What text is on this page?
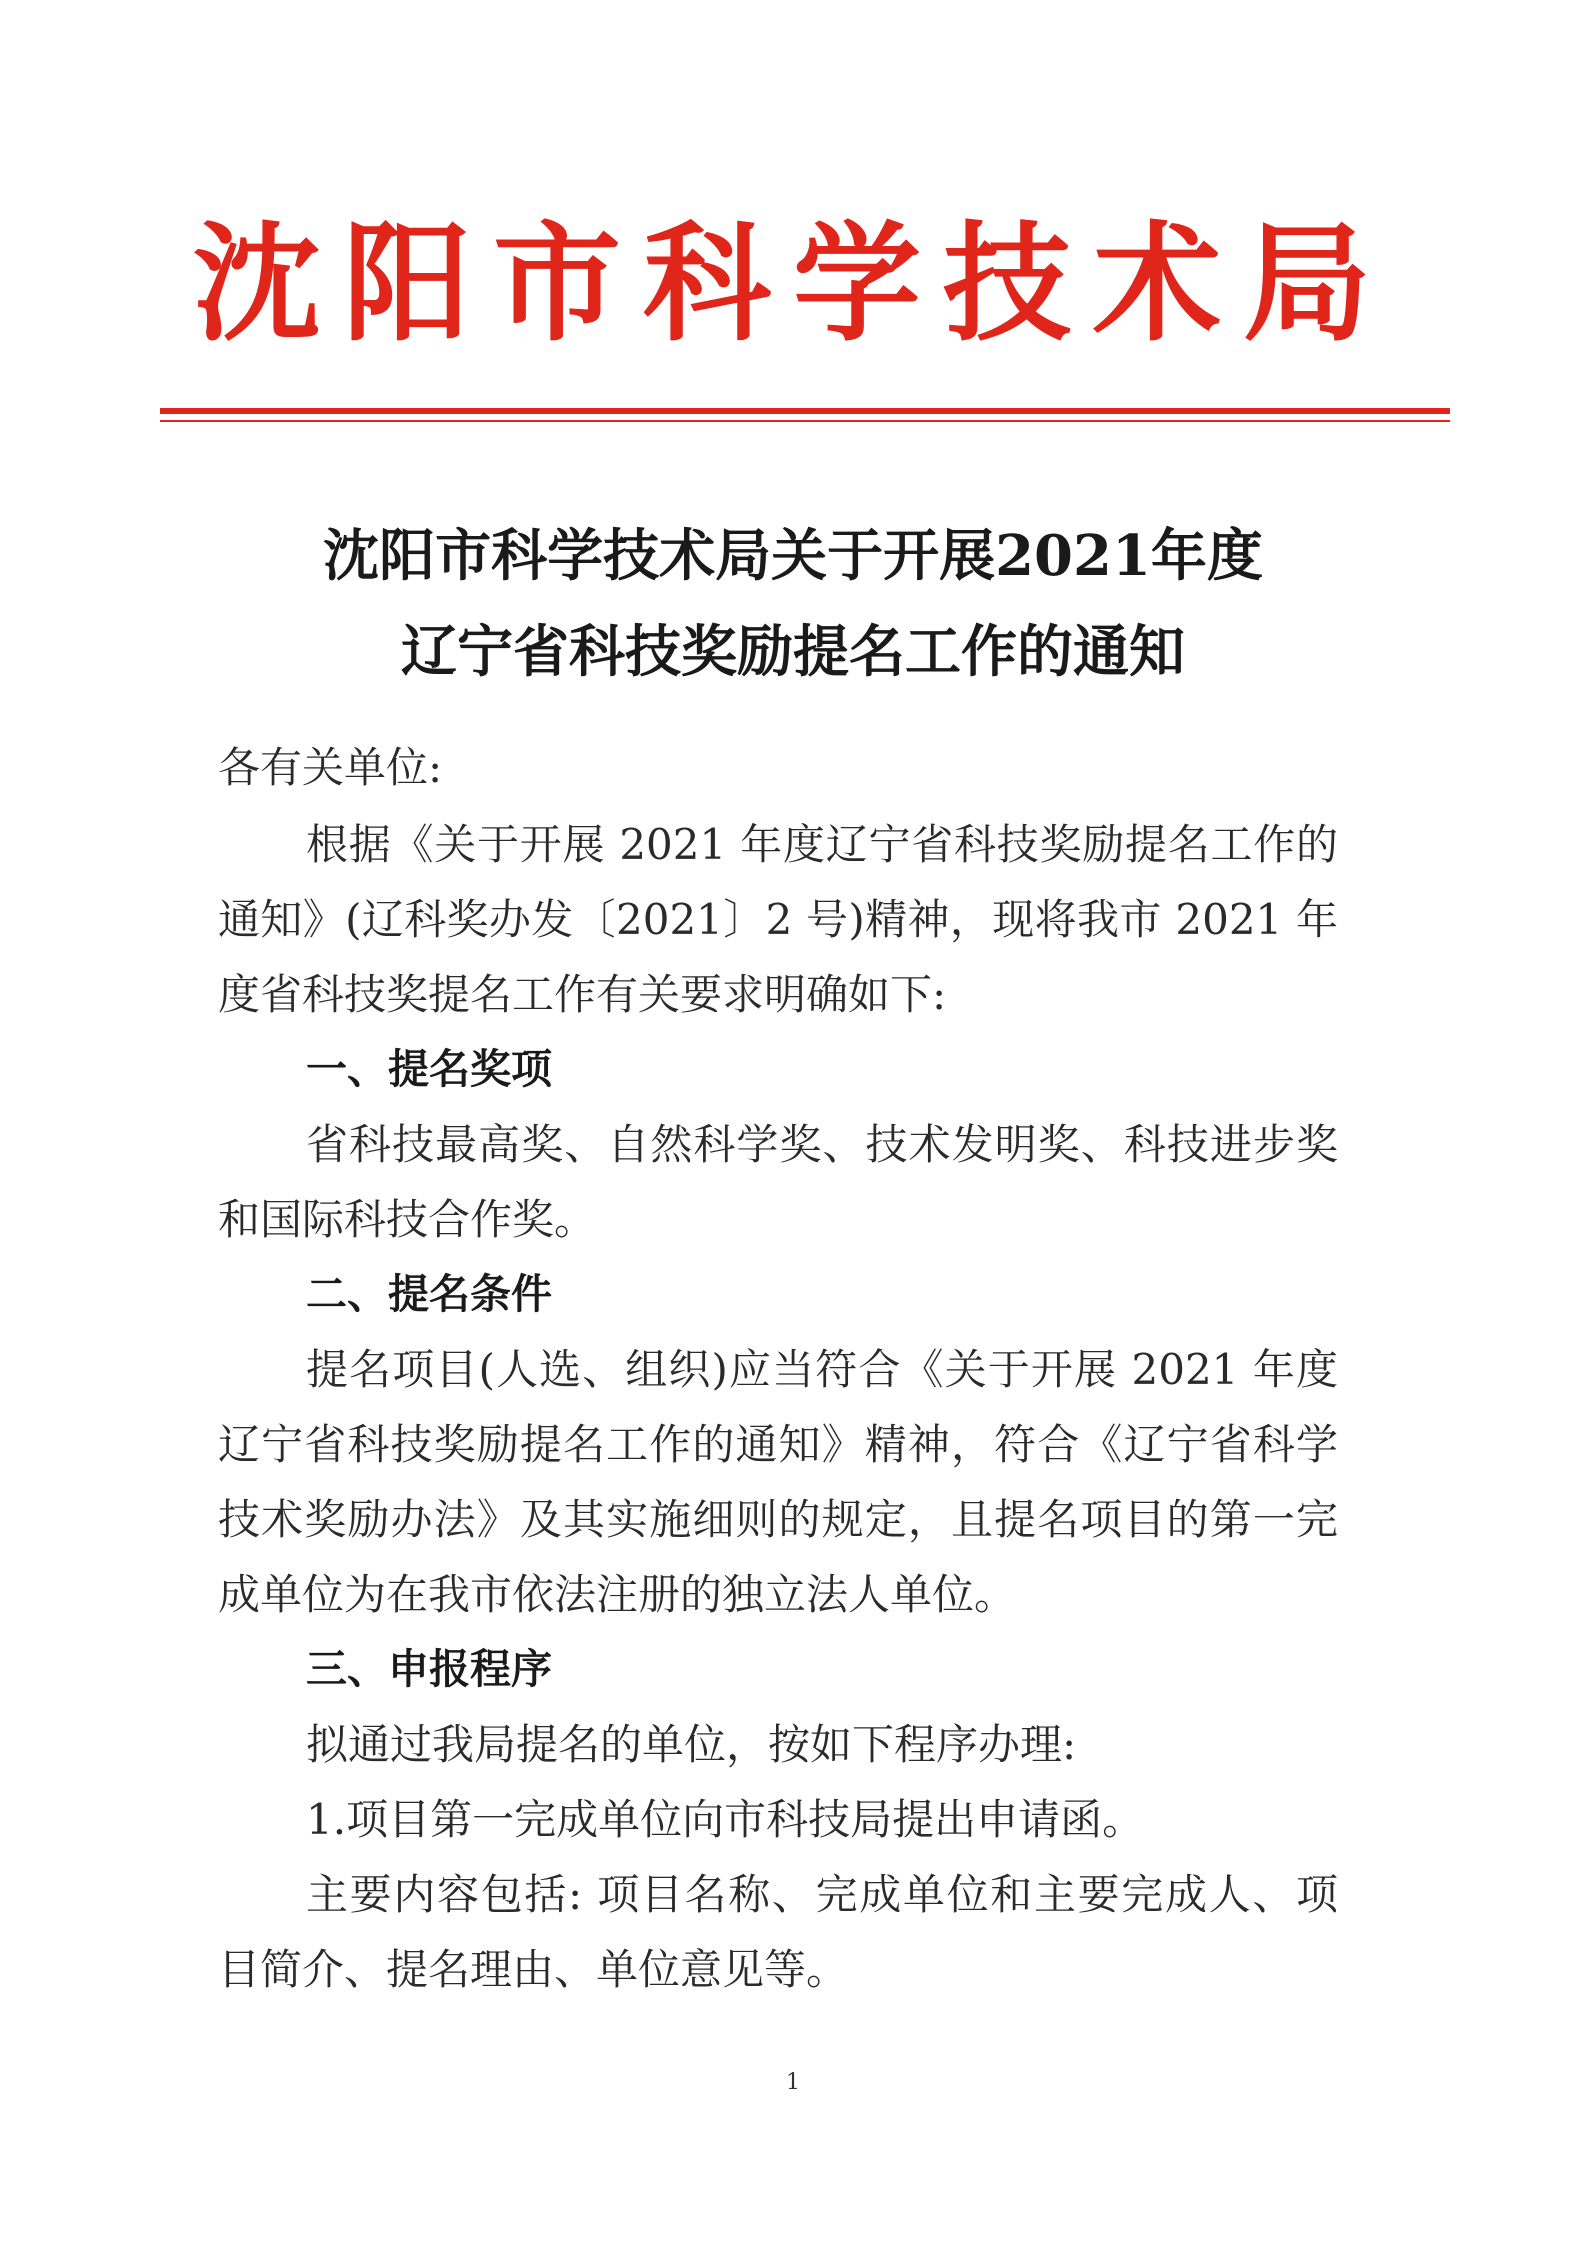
沈阳市科学技术局
沈阳市科学技术局关于开展2021年度
辽宁省科技奖励提名工作的通知

各有关单位:

根据《关于开展 2021 年度辽宁省科技奖励提名工作的通知》(辽科奖办发〔2021〕2 号)精神，现将我市 2021 年度省科技奖提名工作有关要求明确如下:

一、提名奖项

省科技最高奖、自然科学奖、技术发明奖、科技进步奖和国际科技合作奖。

二、提名条件

提名项目(人选、组织)应当符合《关于开展 2021 年度辽宁省科技奖励提名工作的通知》精神，符合《辽宁省科学技术奖励办法》及其实施细则的规定，且提名项目的第一完成单位为在我市依法注册的独立法人单位。

三、申报程序

拟通过我局提名的单位，按如下程序办理:

1.项目第一完成单位向市科技局提出申请函。

主要内容包括: 项目名称、完成单位和主要完成人、项目简介、提名理由、单位意见等。

1
